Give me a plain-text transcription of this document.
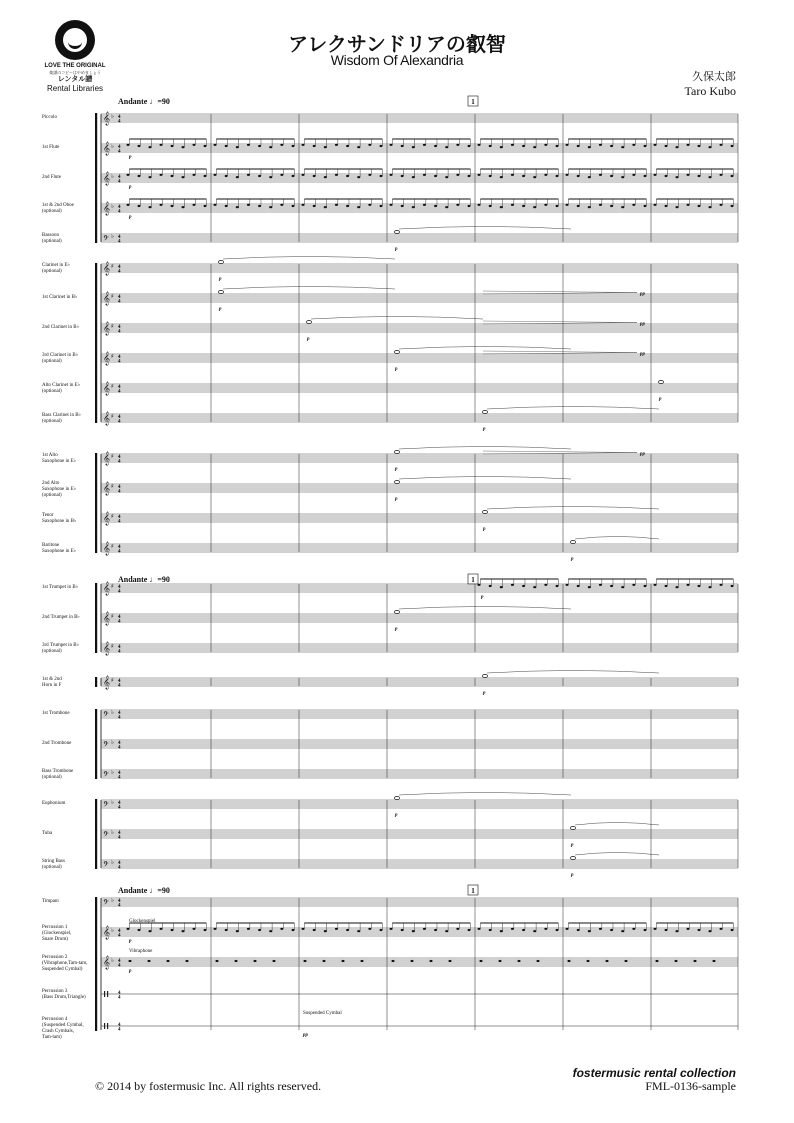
LOVE THE ORIGINAL
楽譜のコピーはやめましょう
レンタル譜
Rental Libraries
アレクサンドリアの叡智
Wisdom Of Alexandria
久保太郎
Taro Kubo
Piccolo	𝄞 ♭ 4
4
1st Flute	𝄞 ♭ 4
4
2nd Flute	𝄞 ♭ 4
4
1st & 2nd Oboe
(optional)	𝄞 ♭ 4
4
Bassoon
(optional)	𝄢 ♭ 4
4
Clarinet in E♭
(optional)	𝄞 ♯ 4
4
1st Clarinet in B♭ 𝄞 ♯ 4
4
2nd Clarinet in B♭ 𝄞 ♯ 4
4
3rd Clarinet in B♭
(optional)	𝄞 ♯ 4
4
Alto Clarinet in E♭
(optional)	𝄞 ♯ 4
4
Bass Clarinet in B♭
(optional)	𝄞 ♯ 4
4
1st Alto
Saxophone in E♭ 𝄞 ♯ 4
4
2nd Alto
Saxophone in E♭
(optional)
𝄞 ♯ 4
4
Tenor
Saxophone in B♭ 𝄞 ♯ 4
4
Baritone
Saxophone in E♭ 𝄞 ♯ 4
4
1st Trumpet in B♭ 𝄞 ♯ 4
4
2nd Trumpet in B♭ 𝄞 ♯ 4
4
3rd Trumpet in B♭
(optional)	𝄞 ♯ 4
4
1st & 2nd
Horn in F	𝄞 ♯ 4
4
1st Trombone	𝄢 ♭ 4
4
2nd Trombone	𝄢 ♭ 4
4
Bass Trombone
(optional)	𝄢 ♭ 4
4
Euphonium	𝄢 ♭ 4
4
Tuba	𝄢 ♭ 4
4
String Bass
(optional)	𝄢 ♭ 4
4
Timpani	𝄢 ♭ 4
4
Percussion 1
(Glockenspiel,
Snare Drum)
𝄞 ♭ 4
4
Percussion 2
(Vibraphone,Tam-tam,
Suspended Cymbal)
𝄞 ♭ 4
4
Percussion 3
(Bass Drum,Triangle)
4
4
Percussion 4
(Suspended Cymbal,
Crash Cymbals,
Tam-tam)
4
4
Andante ♩=90	1
Andante ♩=90	1
Andante ♩=90	1
p
p
p
Glockenspiel
p
Vibraphone
p
Suspended Cymbal
pp
p
p
p
p
p
p
p
p
p
p
p
p
p
p
p
p
p
pp
pp
pp
pp
fostermusic rental collection
© 2014 by fostermusic Inc. All rights reserved.	FML-0136-sample
